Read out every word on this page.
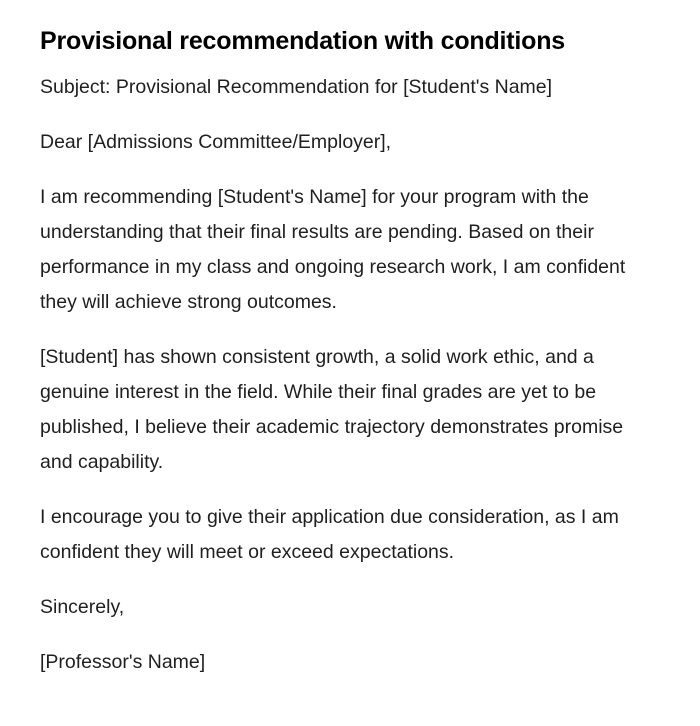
Provisional recommendation with conditions

Subject: Provisional Recommendation for [Student's Name]

Dear [Admissions Committee/Employer],

I am recommending [Student's Name] for your program with the understanding that their final results are pending. Based on their performance in my class and ongoing research work, I am confident they will achieve strong outcomes.

[Student] has shown consistent growth, a solid work ethic, and a genuine interest in the field. While their final grades are yet to be published, I believe their academic trajectory demonstrates promise and capability.

I encourage you to give their application due consideration, as I am confident they will meet or exceed expectations.

Sincerely,

[Professor's Name]
